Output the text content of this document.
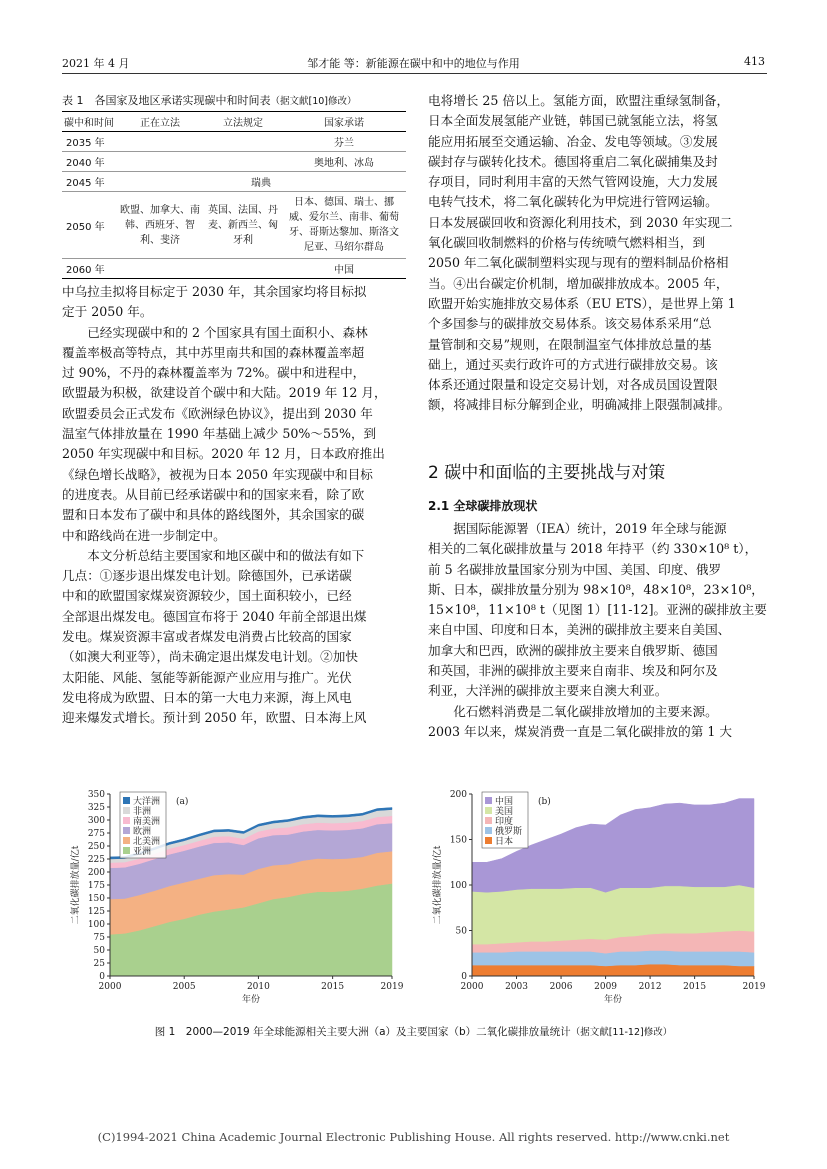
2021 年 4 月	邹才能 等：新能源在碳中和中的地位与作用	413
表 1　各国家及地区承诺实现碳中和时间表（据文献[10]修改）
碳中和时间	正在立法	立法规定	国家承诺
2035 年			芬兰
2040 年			奥地利、冰岛
2045 年	瑞典		
2050 年	欧盟、加拿大、南韩、西班牙、智利、斐济	英国、法国、丹麦、新西兰、匈牙利	日本、德国、瑞士、挪威、爱尔兰、南非、葡萄牙、哥斯达黎加、斯洛文尼亚、马绍尔群岛
2060 年			中国
中乌拉圭拟将目标定于 2030 年，其余国家均将目标拟
定于 2050 年。
已经实现碳中和的 2 个国家具有国土面积小、森林
覆盖率极高等特点，其中苏里南共和国的森林覆盖率超
过 90%，不丹的森林覆盖率为 72%。碳中和进程中，
欧盟最为积极，欲建设首个碳中和大陆。2019 年 12 月，
欧盟委员会正式发布《欧洲绿色协议》，提出到 2030 年
温室气体排放量在 1990 年基础上减少 50%～55%，到
2050 年实现碳中和目标。2020 年 12 月，日本政府推出
《绿色增长战略》，被视为日本 2050 年实现碳中和目标
的进度表。从目前已经承诺碳中和的国家来看，除了欧
盟和日本发布了碳中和具体的路线图外，其余国家的碳
中和路线尚在进一步制定中。
本文分析总结主要国家和地区碳中和的做法有如下
几点：①逐步退出煤发电计划。除德国外，已承诺碳
中和的欧盟国家煤炭资源较少，国土面积较小，已经
全部退出煤发电。德国宣布将于 2040 年前全部退出煤
发电。煤炭资源丰富或者煤发电消费占比较高的国家
（如澳大利亚等），尚未确定退出煤发电计划。②加快
太阳能、风能、氢能等新能源产业应用与推广。光伏
发电将成为欧盟、日本的第一大电力来源，海上风电
迎来爆发式增长。预计到 2050 年，欧盟、日本海上风
电将增长 25 倍以上。氢能方面，欧盟注重绿氢制备，
日本全面发展氢能产业链，韩国已就氢能立法，将氢
能应用拓展至交通运输、冶金、发电等领域。③发展
碳封存与碳转化技术。德国将重启二氧化碳捕集及封
存项目，同时利用丰富的天然气管网设施，大力发展
电转气技术，将二氧化碳转化为甲烷进行管网运输。
日本发展碳回收和资源化利用技术，到 2030 年实现二
氧化碳回收制燃料的价格与传统喷气燃料相当，到
2050 年二氧化碳制塑料实现与现有的塑料制品价格相
当。④出台碳定价机制，增加碳排放成本。2005 年，
欧盟开始实施排放交易体系（EU ETS），是世界上第 1
个多国参与的碳排放交易体系。该交易体系采用“总
量管制和交易”规则，在限制温室气体排放总量的基
础上，通过买卖行政许可的方式进行碳排放交易。该
体系还通过限量和设定交易计划，对各成员国设置限
额，将减排目标分解到企业，明确减排上限强制减排。
2 碳中和面临的主要挑战与对策
2.1 全球碳排放现状
据国际能源署（IEA）统计，2019 年全球与能源
相关的二氧化碳排放量与 2018 年持平（约 330×10⁸ t），
前 5 名碳排放量国家分别为中国、美国、印度、俄罗
斯、日本，碳排放量分别为 98×10⁸，48×10⁸，23×10⁸，
15×10⁸，11×10⁸ t（见图 1）[11-12]。亚洲的碳排放主要
来自中国、印度和日本，美洲的碳排放主要来自美国、
加拿大和巴西，欧洲的碳排放主要来自俄罗斯、德国
和英国，非洲的碳排放主要来自南非、埃及和阿尔及
利亚，大洋洲的碳排放主要来自澳大利亚。
化石燃料消费是二氧化碳排放增加的主要来源。
2003 年以来，煤炭消费一直是二氧化碳排放的第 1 大
0
25
50
75
100
125
150
175
200
225
250
275
300
325
350
2000	2005	2010	2015	2019
年份
二氧化碳排放量/亿t
大洋洲
非洲
南美洲
欧洲
北美洲
亚洲
(a)
0
50
100
150
200
2000 2003 2006 2009 2012 2015	2019
年份
二氧化碳排放量/亿t
中国
美国
印度
俄罗斯
日本
(b)
图 1　2000—2019 年全球能源相关主要大洲（a）及主要国家（b）二氧化碳排放量统计（据文献[11-12]修改）
(C)1994-2021 China Academic Journal Electronic Publishing House. All rights reserved. http://www.cnki.net
